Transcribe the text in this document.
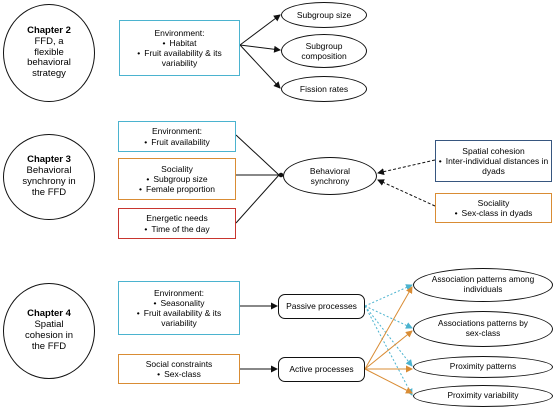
Chapter 2
FFD, a
flexible
behavioral
strategy
Environment:
• Habitat
• Fruit availability & its variability
Subgroup size
Subgroup composition
Fission rates
Chapter 3
Behavioral
synchrony in
the FFD
Environment:
• Fruit availability
Sociality
• Subgroup size
• Female proportion
Energetic needs
• Time of the day
Behavioral synchrony
Spatial cohesion
• Inter-individual distances in dyads
Sociality
• Sex-class in dyads
Chapter 4
Spatial
cohesion in
the FFD
Environment:
• Seasonality
• Fruit availability & its variability
Social constraints
• Sex-class
Passive processes
Active processes
Association patterns among individuals
Associations patterns by sex-class
Proximity patterns
Proximity variability
